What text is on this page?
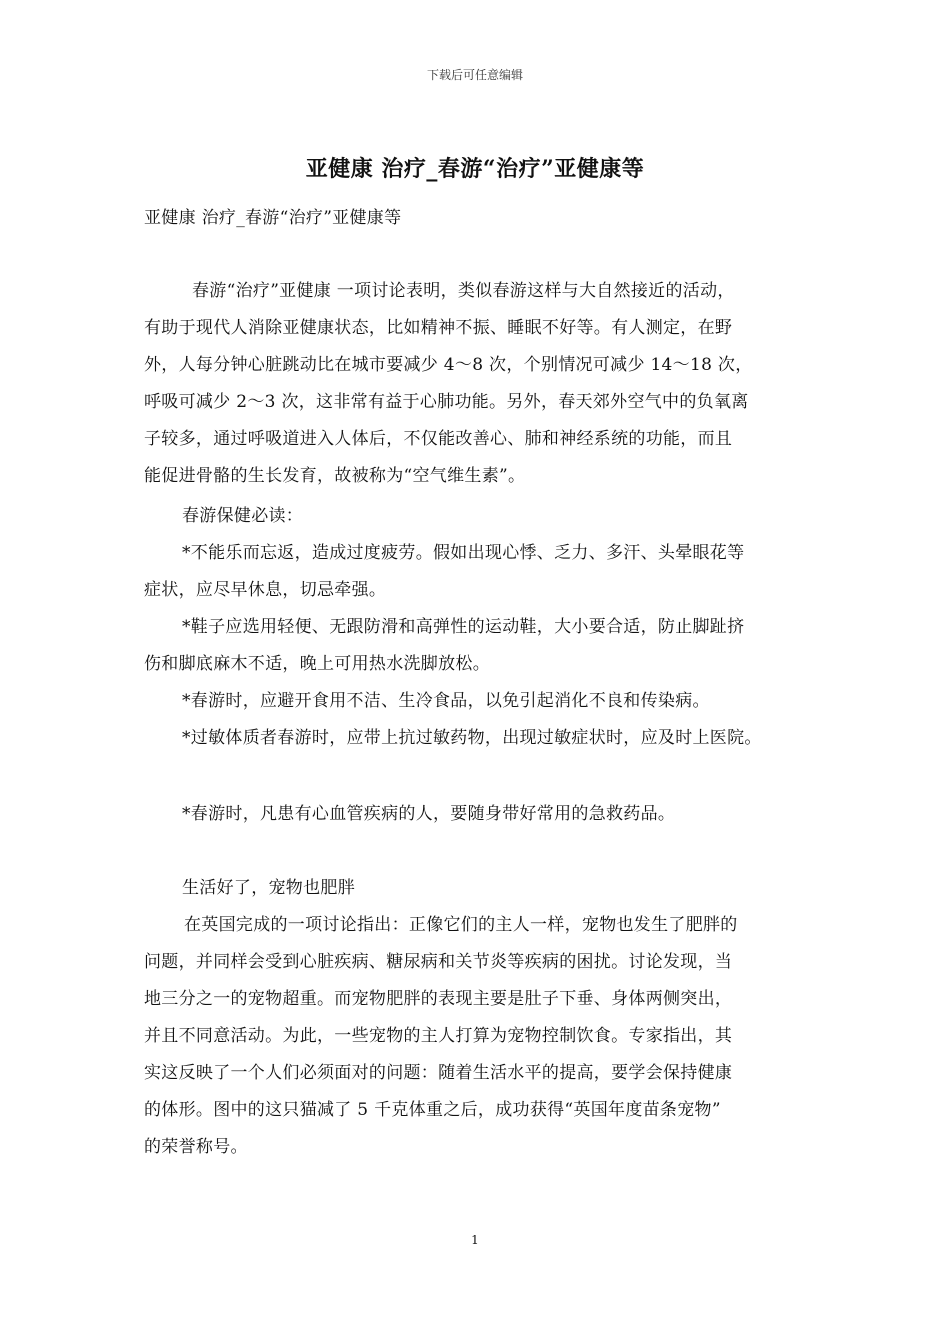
下载后可任意编辑
亚健康 治疗_春游“治疗”亚健康等
亚健康 治疗_春游“治疗”亚健康等
春游“治疗”亚健康 一项讨论表明，类似春游这样与大自然接近的活动，
有助于现代人消除亚健康状态，比如精神不振、睡眠不好等。有人测定，在野
外，人每分钟心脏跳动比在城市要减少 4～8 次，个别情况可减少 14～18 次，
呼吸可减少 2～3 次，这非常有益于心肺功能。另外，春天郊外空气中的负氧离
子较多，通过呼吸道进入人体后，不仅能改善心、肺和神经系统的功能，而且
能促进骨骼的生长发育，故被称为“空气维生素”。
春游保健必读：
*不能乐而忘返，造成过度疲劳。假如出现心悸、乏力、多汗、头晕眼花等
症状，应尽早休息，切忌牵强。
*鞋子应选用轻便、无跟防滑和高弹性的运动鞋，大小要合适，防止脚趾挤
伤和脚底麻木不适，晚上可用热水洗脚放松。
*春游时，应避开食用不洁、生冷食品，以免引起消化不良和传染病。
*过敏体质者春游时，应带上抗过敏药物，出现过敏症状时，应及时上医院。
*春游时，凡患有心血管疾病的人，要随身带好常用的急救药品。
生活好了，宠物也肥胖
在英国完成的一项讨论指出：正像它们的主人一样，宠物也发生了肥胖的
问题，并同样会受到心脏疾病、糖尿病和关节炎等疾病的困扰。讨论发现，当
地三分之一的宠物超重。而宠物肥胖的表现主要是肚子下垂、身体两侧突出，
并且不同意活动。为此，一些宠物的主人打算为宠物控制饮食。专家指出，其
实这反映了一个人们必须面对的问题：随着生活水平的提高，要学会保持健康
的体形。图中的这只猫减了 5 千克体重之后，成功获得“英国年度苗条宠物”
的荣誉称号。
1
